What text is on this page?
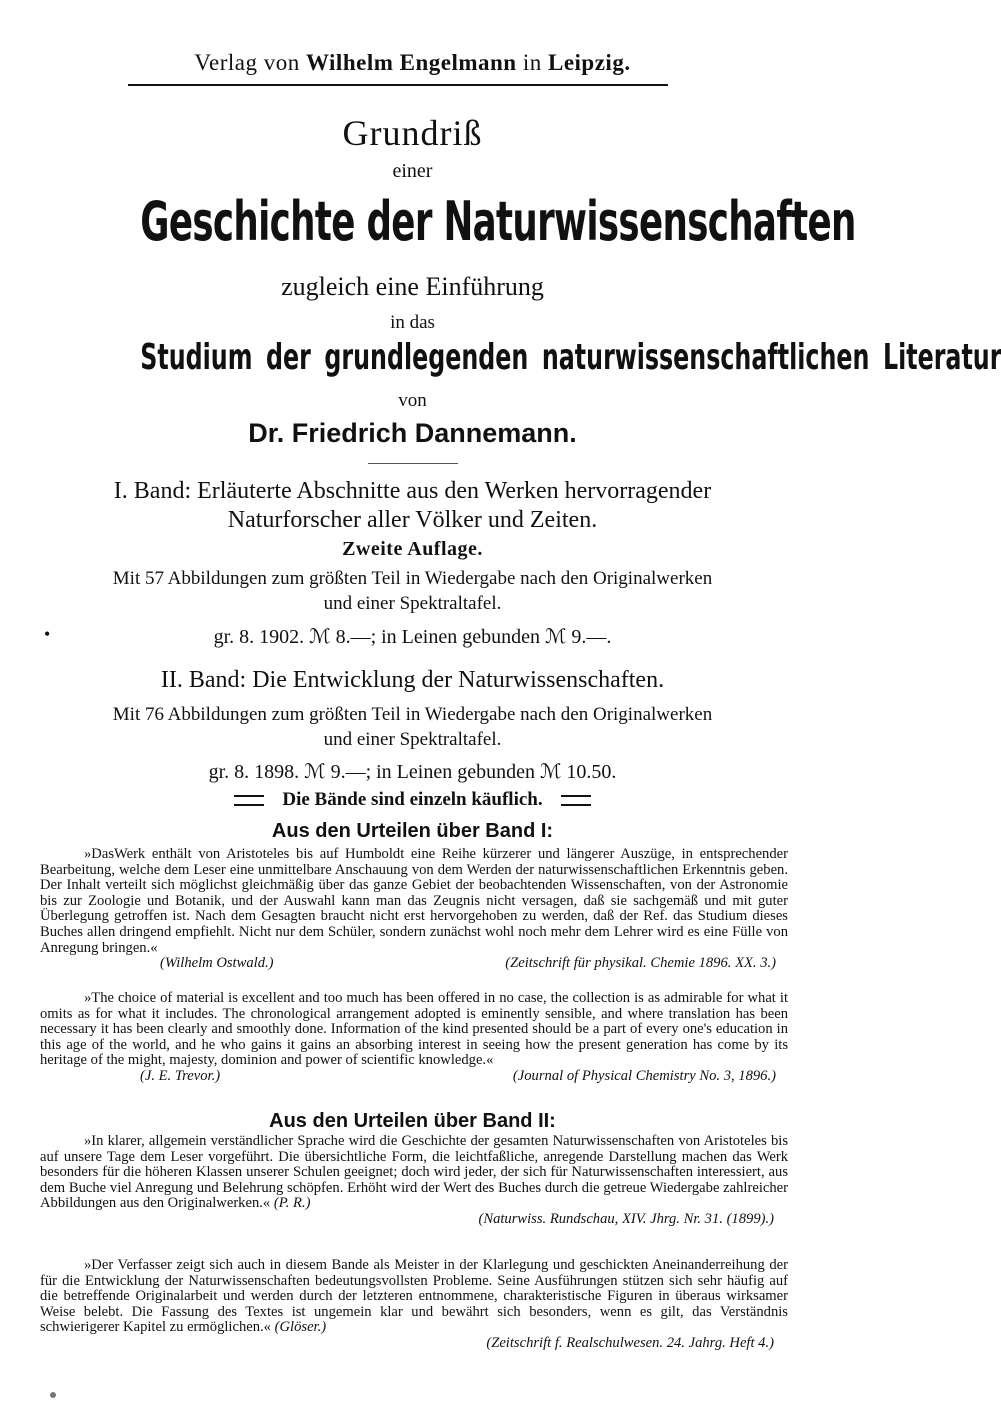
Verlag von Wilhelm Engelmann in Leipzig.
Grundriß
einer
Geschichte der Naturwissenschaften
zugleich eine Einführung
in das
Studium der grundlegenden naturwissenschaftlichen Literatur
von
Dr. Friedrich Dannemann.
I. Band: Erläuterte Abschnitte aus den Werken hervorragender
Naturforscher aller Völker und Zeiten.
Zweite Auflage.
Mit 57 Abbildungen zum größten Teil in Wiedergabe nach den Originalwerken
und einer Spektraltafel.
•	gr. 8. 1902. ℳ 8.—; in Leinen gebunden ℳ 9.—.
II. Band: Die Entwicklung der Naturwissenschaften.
Mit 76 Abbildungen zum größten Teil in Wiedergabe nach den Originalwerken
und einer Spektraltafel.
gr. 8. 1898. ℳ 9.—; in Leinen gebunden ℳ 10.50.
Die Bände sind einzeln käuflich.
Aus den Urteilen über Band I:

»DasWerk enthält von Aristoteles bis auf Humboldt eine Reihe kürzerer und längerer Auszüge, in entsprechender Bearbeitung, welche dem Leser eine unmittelbare Anschauung von dem Werden der naturwissenschaftlichen Erkenntnis geben. Der Inhalt verteilt sich möglichst gleichmäßig über das ganze Gebiet der beobachtenden Wissenschaften, von der Astronomie bis zur Zoologie und Botanik, und der Auswahl kann man das Zeugnis nicht versagen, daß sie sachgemäß und mit guter Überlegung getroffen ist. Nach dem Gesagten braucht nicht erst hervorgehoben zu werden, daß der Ref. das Studium dieses Buches allen dringend empfiehlt. Nicht nur dem Schüler, sondern zunächst wohl noch mehr dem Lehrer wird es eine Fülle von Anregung bringen.«

(Wilhelm Ostwald.)	(Zeitschrift für physikal. Chemie 1896. XX. 3.)

»The choice of material is excellent and too much has been offered in no case, the collection is as admirable for what it omits as for what it includes. The chronological arrangement adopted is eminently sensible, and where translation has been necessary it has been clearly and smoothly done. Information of the kind presented should be a part of every one's education in this age of the world, and he who gains it gains an absorbing interest in seeing how the present generation has come by its heritage of the might, majesty, dominion and power of scientific knowledge.«

(J. E. Trevor.)	(Journal of Physical Chemistry No. 3, 1896.)
Aus den Urteilen über Band II:

»In klarer, allgemein verständlicher Sprache wird die Geschichte der gesamten Naturwissenschaften von Aristoteles bis auf unsere Tage dem Leser vorgeführt. Die übersichtliche Form, die leichtfaßliche, anregende Darstellung machen das Werk besonders für die höheren Klassen unserer Schulen geeignet; doch wird jeder, der sich für Naturwissenschaften interessiert, aus dem Buche viel Anregung und Belehrung schöpfen. Erhöht wird der Wert des Buches durch die getreue Wiedergabe zahlreicher Abbildungen aus den Originalwerken.« (P. R.)

(Naturwiss. Rundschau, XIV. Jhrg. Nr. 31. (1899).)

»Der Verfasser zeigt sich auch in diesem Bande als Meister in der Klarlegung und geschickten Aneinanderreihung der für die Entwicklung der Naturwissenschaften bedeutungsvollsten Probleme. Seine Ausführungen stützen sich sehr häufig auf die betreffende Originalarbeit und werden durch der letzteren entnommene, charakteristische Figuren in überaus wirksamer Weise belebt. Die Fassung des Textes ist ungemein klar und bewährt sich besonders, wenn es gilt, das Verständnis schwierigerer Kapitel zu ermöglichen.« (Glöser.)

(Zeitschrift f. Realschulwesen. 24. Jahrg. Heft 4.)
